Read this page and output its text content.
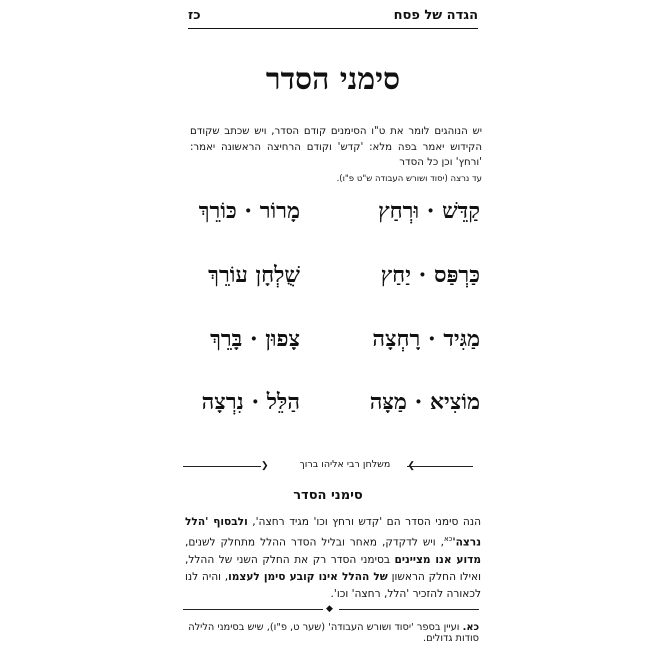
הגדה של פסח
כז
סימני הסדר
יש הנוהגים לומר את ט"ו הסימנים קודם הסדר, ויש שכתב שקודם הקידוש יאמר בפה מלא: 'קדש' וקודם הרחיצה הראשונה יאמר: 'ורחץ' וכן כל הסדר
עד נרצה (יסוד ושורש העבודה ש"ט פ"ו).
קַדֵּשׁ · וּרְחַץ
כַּרְפַּס · יַחַץ
מַגִּיד · רָחְצָה
מוֹצִיא · מַצָּה
מָרוֹר · כּוֹרֵךְ
שֻׁלְחָן עוֹרֵךְ
צָפוּן · בָּרֵךְ
הַלֵּל · נִרְצָה
❯	❮
משלחן רבי אליהו ברוך
סימני הסדר
הנה סימני הסדר הם 'קדש ורחץ וכו' מגיד רחצה', ולבסוף 'הלל $נרצה'^{כא}$, ויש לדקדק, מאחר ובליל הסדר ההלל מתחלק לשנים, מדוע אנו מציינים בסימני הסדר רק את החלק השני של ההלל, ואילו החלק הראשון של ההלל אינו קובע סימן לעצמו, והיה לנו לכאורה להזכיר 'הלל, רחצה' וכו'.
◆
כא. ועיין בספר 'יסוד ושורש העבודה' (שער ט, פ"ו), שיש בסימני הלילה סודות גדולים.
